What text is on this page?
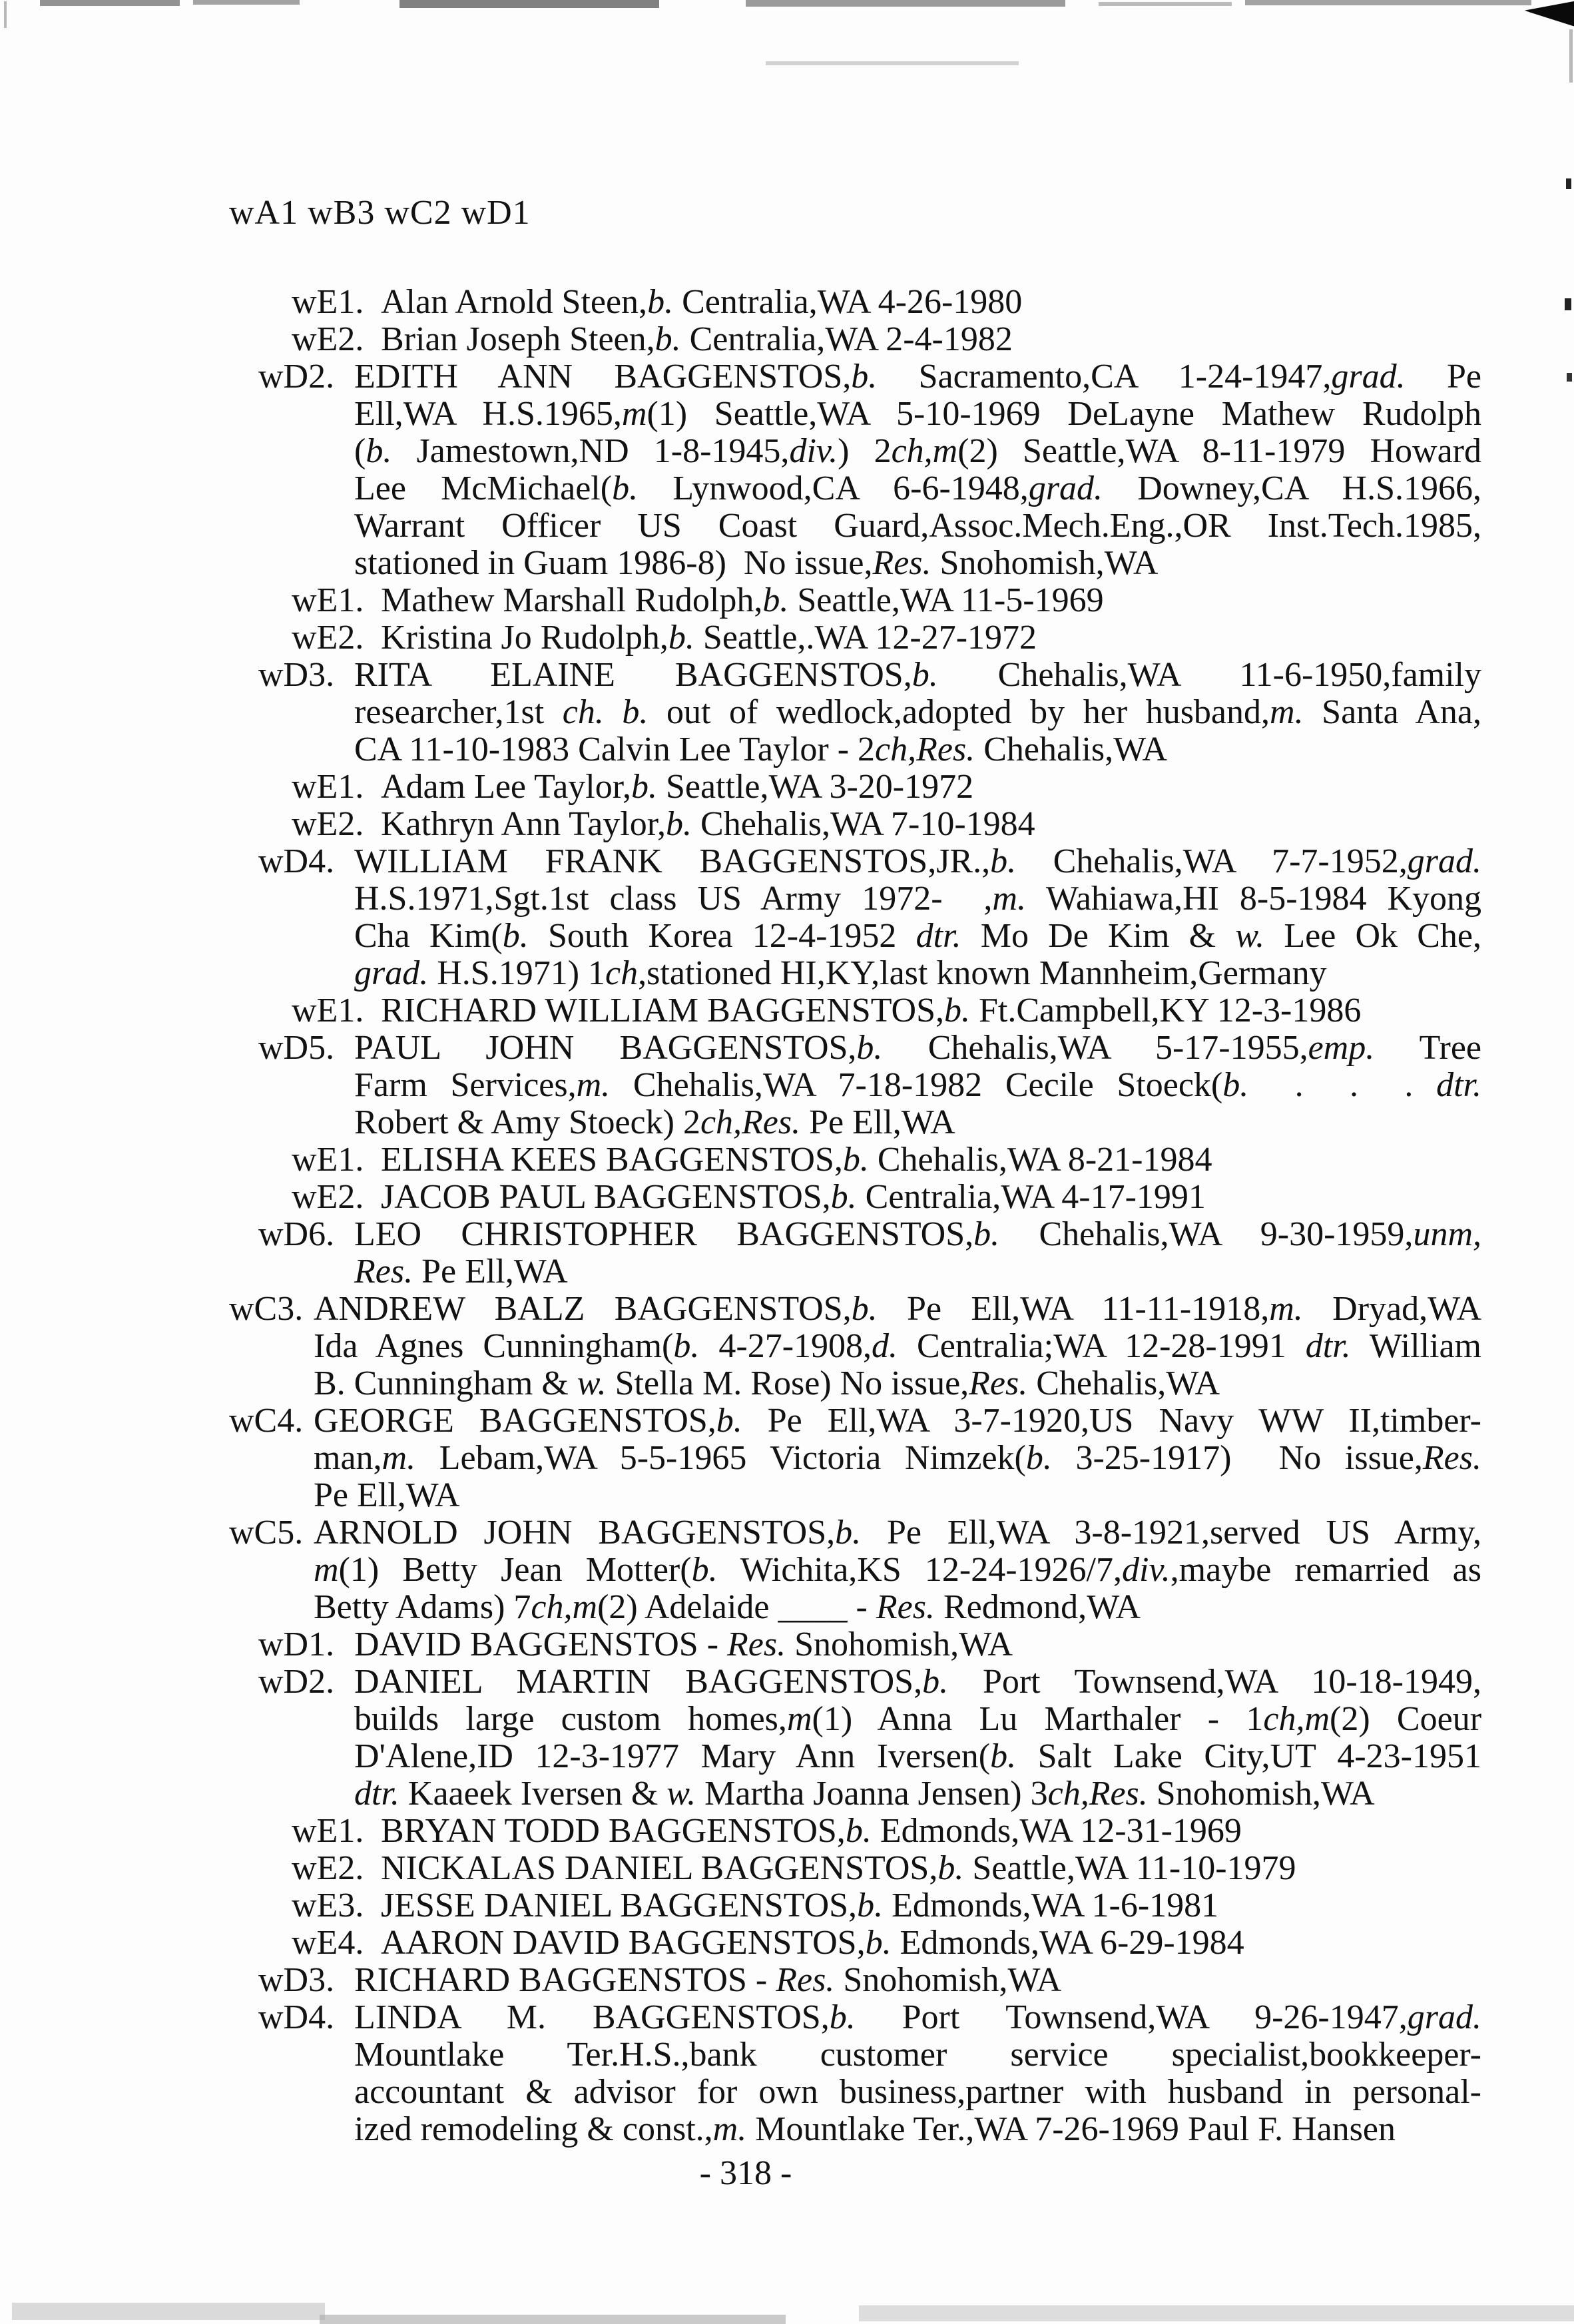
wA1 wB3 wC2 wD1
wE1. Alan Arnold Steen,b. Centralia,WA 4-26-1980
wE2. Brian Joseph Steen,b. Centralia,WA 2-4-1982
wD2. EDITH ANN BAGGENSTOS,b. Sacramento,CA 1-24-1947,grad. Pe
Ell,WA H.S.1965,m(1) Seattle,WA 5-10-1969 DeLayne Mathew Rudolph
(b. Jamestown,ND 1-8-1945,div.) 2ch,m(2) Seattle,WA 8-11-1979 Howard
Lee McMichael(b. Lynwood,CA 6-6-1948,grad. Downey,CA H.S.1966,
Warrant Officer US Coast Guard,Assoc.Mech.Eng.,OR Inst.Tech.1985,
stationed in Guam 1986-8)  No issue,Res. Snohomish,WA
wE1. Mathew Marshall Rudolph,b. Seattle,WA 11-5-1969
wE2. Kristina Jo Rudolph,b. Seattle,.WA 12-27-1972
wD3. RITA ELAINE BAGGENSTOS,b. Chehalis,WA 11-6-1950,family
researcher,1st ch. b. out of wedlock,adopted by her husband,m. Santa Ana,
CA 11-10-1983 Calvin Lee Taylor - 2ch,Res. Chehalis,WA
wE1. Adam Lee Taylor,b. Seattle,WA 3-20-1972
wE2. Kathryn Ann Taylor,b. Chehalis,WA 7-10-1984
wD4. WILLIAM FRANK BAGGENSTOS,JR.,b. Chehalis,WA 7-7-1952,grad.
H.S.1971,Sgt.1st class US Army 1972-  ,m. Wahiawa,HI 8-5-1984 Kyong
Cha Kim(b. South Korea 12-4-1952 dtr. Mo De Kim & w. Lee Ok Che,
grad. H.S.1971) 1ch,stationed HI,KY,last known Mannheim,Germany
wE1. RICHARD WILLIAM BAGGENSTOS,b. Ft.Campbell,KY 12-3-1986
wD5. PAUL JOHN BAGGENSTOS,b. Chehalis,WA 5-17-1955,emp. Tree
Farm Services,m. Chehalis,WA 7-18-1982 Cecile Stoeck(b.  .  .  . dtr.
Robert & Amy Stoeck) 2ch,Res. Pe Ell,WA
wE1. ELISHA KEES BAGGENSTOS,b. Chehalis,WA 8-21-1984
wE2. JACOB PAUL BAGGENSTOS,b. Centralia,WA 4-17-1991
wD6. LEO CHRISTOPHER BAGGENSTOS,b. Chehalis,WA 9-30-1959,unm,
Res. Pe Ell,WA
wC3. ANDREW BALZ BAGGENSTOS,b. Pe Ell,WA 11-11-1918,m. Dryad,WA
Ida Agnes Cunningham(b. 4-27-1908,d. Centralia;WA 12-28-1991 dtr. William
B. Cunningham & w. Stella M. Rose) No issue,Res. Chehalis,WA
wC4. GEORGE BAGGENSTOS,b. Pe Ell,WA 3-7-1920,US Navy WW II,timber-
man,m. Lebam,WA 5-5-1965 Victoria Nimzek(b. 3-25-1917)  No issue,Res.
Pe Ell,WA
wC5. ARNOLD JOHN BAGGENSTOS,b. Pe Ell,WA 3-8-1921,served US Army,
m(1) Betty Jean Motter(b. Wichita,KS 12-24-1926/7,div.,maybe remarried as
Betty Adams) 7ch,m(2) Adelaide ____ - Res. Redmond,WA
wD1. DAVID BAGGENSTOS - Res. Snohomish,WA
wD2. DANIEL MARTIN BAGGENSTOS,b. Port Townsend,WA 10-18-1949,
builds large custom homes,m(1) Anna Lu Marthaler - 1ch,m(2) Coeur
D'Alene,ID 12-3-1977 Mary Ann Iversen(b. Salt Lake City,UT 4-23-1951
dtr. Kaaeek Iversen & w. Martha Joanna Jensen) 3ch,Res. Snohomish,WA
wE1. BRYAN TODD BAGGENSTOS,b. Edmonds,WA 12-31-1969
wE2. NICKALAS DANIEL BAGGENSTOS,b. Seattle,WA 11-10-1979
wE3. JESSE DANIEL BAGGENSTOS,b. Edmonds,WA 1-6-1981
wE4. AARON DAVID BAGGENSTOS,b. Edmonds,WA 6-29-1984
wD3. RICHARD BAGGENSTOS - Res. Snohomish,WA
wD4. LINDA M. BAGGENSTOS,b. Port Townsend,WA 9-26-1947,grad.
Mountlake Ter.H.S.,bank customer service specialist,bookkeeper-
accountant & advisor for own business,partner with husband in personal-
ized remodeling & const.,m. Mountlake Ter.,WA 7-26-1969 Paul F. Hansen
- 318 -
